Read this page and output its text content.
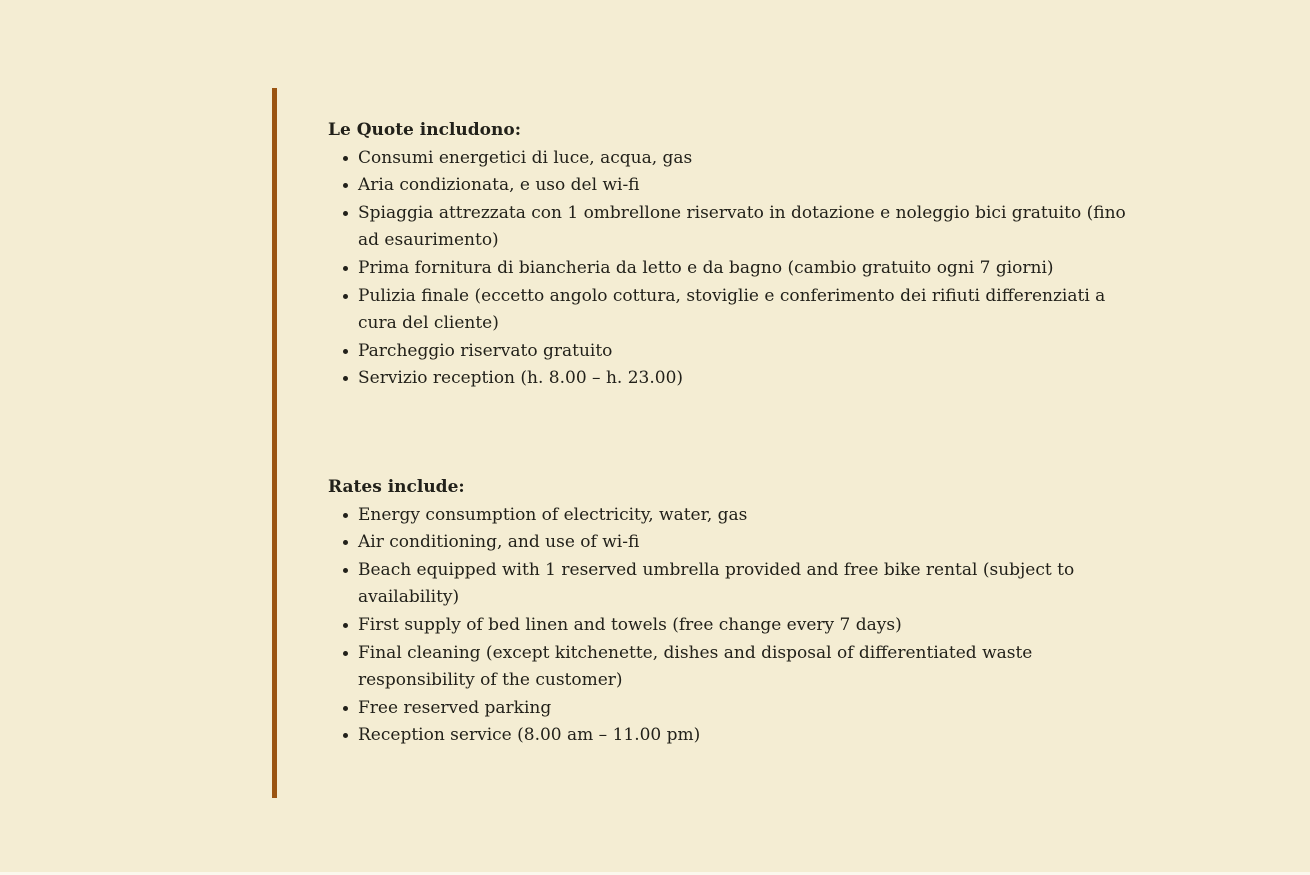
Le Quote includono:

Consumi energetici di luce, acqua, gas
Aria condizionata, e uso del wi-fi
Spiaggia attrezzata con 1 ombrellone riservato in dotazione e noleggio bici gratuito (fino ad esaurimento)
Prima fornitura di biancheria da letto e da bagno (cambio gratuito ogni 7 giorni)
Pulizia finale (eccetto angolo cottura, stoviglie e conferimento dei rifiuti differenziati a cura del cliente)
Parcheggio riservato gratuito
Servizio reception (h. 8.00 – h. 23.00)

Rates include:

Energy consumption of electricity, water, gas
Air conditioning, and use of wi-fi
Beach equipped with 1 reserved umbrella provided and free bike rental (subject to availability)
First supply of bed linen and towels (free change every 7 days)
Final cleaning (except kitchenette, dishes and disposal of differentiated waste responsibility of the customer)
Free reserved parking
Reception service (8.00 am – 11.00 pm)
